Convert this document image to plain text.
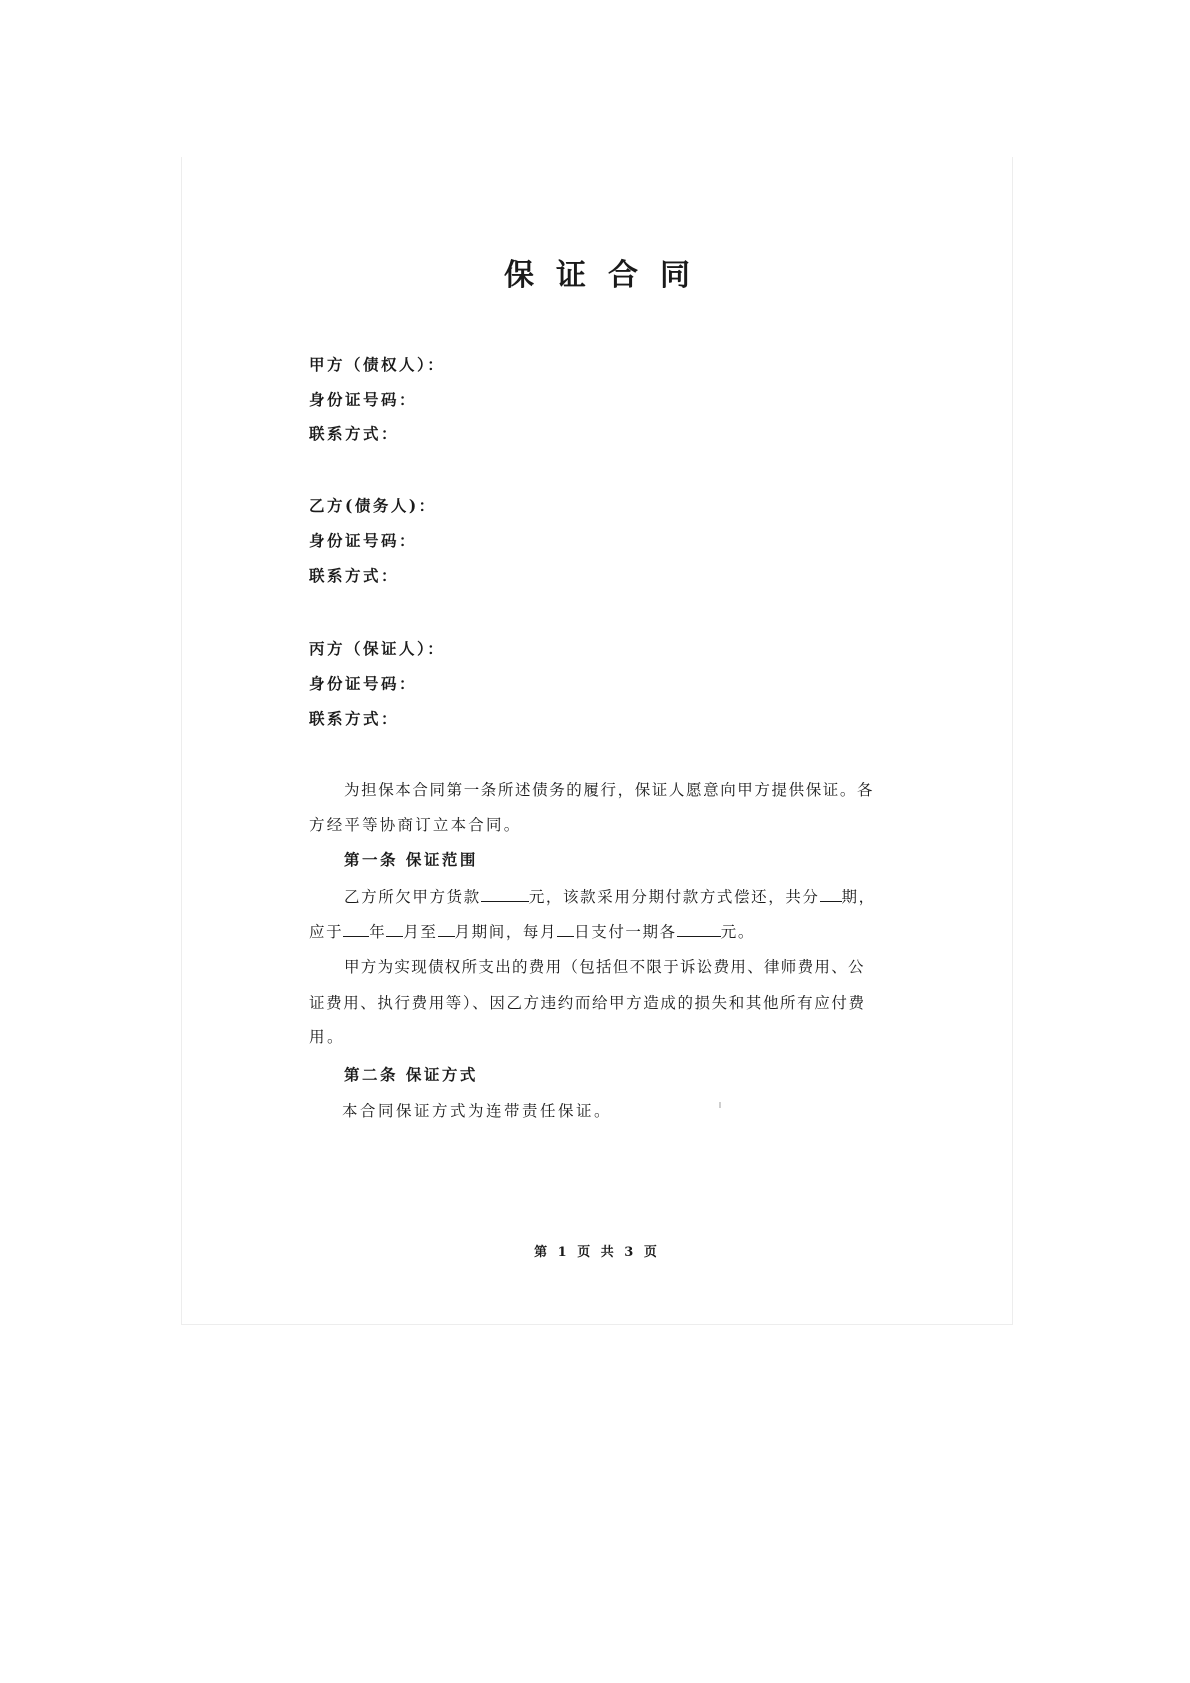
保证合同
甲方（债权人）：
身份证号码：
联系方式：
乙方(债务人)：
身份证号码：
联系方式：
丙方（保证人）：
身份证号码：
联系方式：
为担保本合同第一条所述债务的履行，保证人愿意向甲方提供保证。各
方经平等协商订立本合同。
第一条 保证范围
乙方所欠甲方货款	元，该款采用分期付款方式偿还，共分 期，
应于 年 月至 月期间，每月 日支付一期各	元。
甲方为实现债权所支出的费用（包括但不限于诉讼费用、律师费用、公
证费用、执行费用等）、因乙方违约而给甲方造成的损失和其他所有应付费
用。
第二条 保证方式
本合同保证方式为连带责任保证。
第 1 页 共 3 页
